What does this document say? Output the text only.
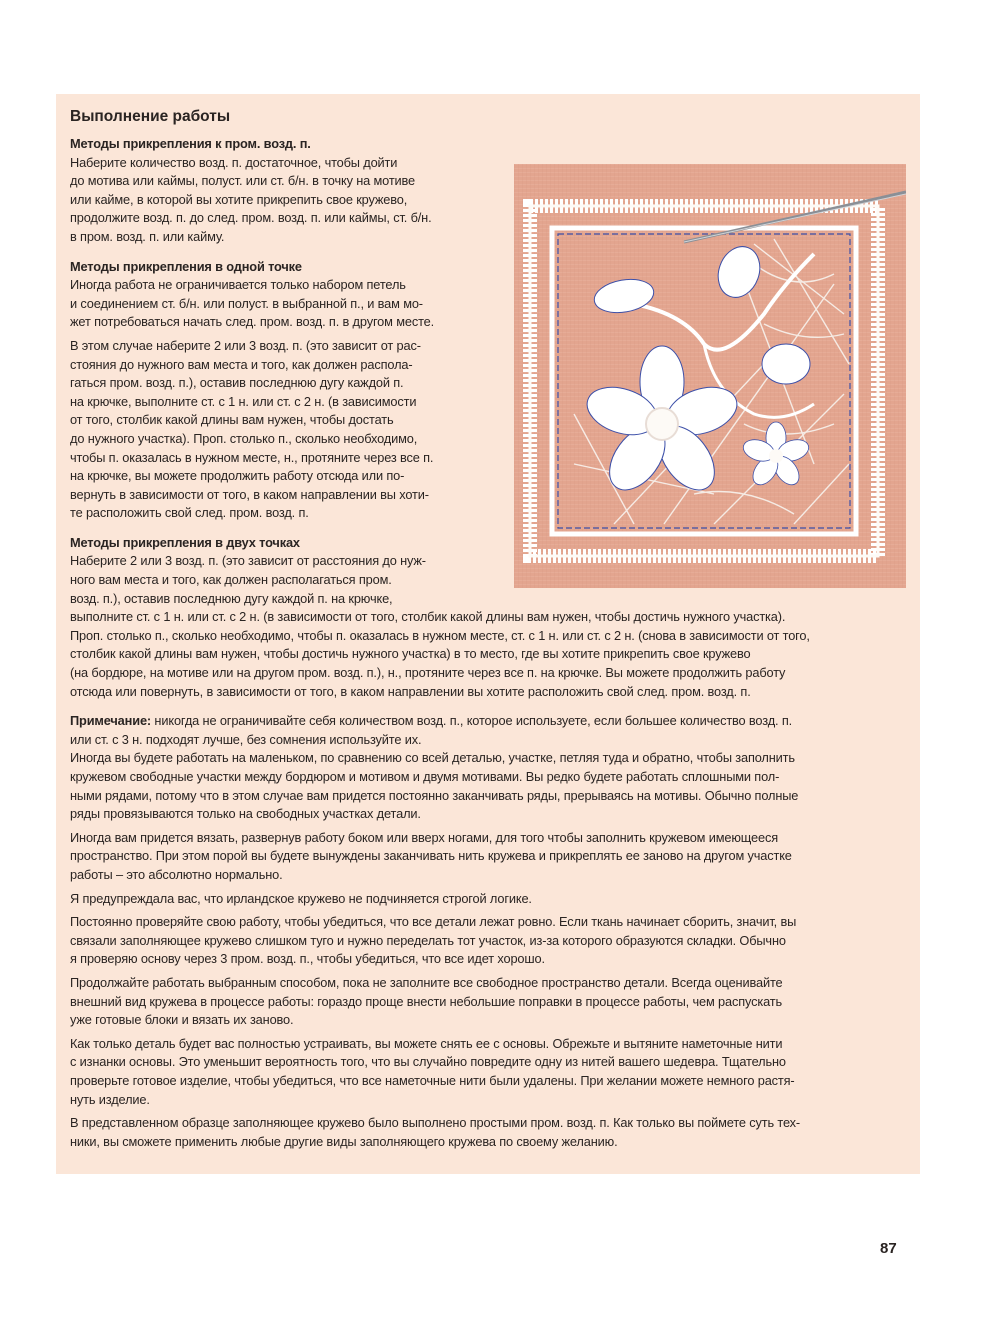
Выполнение работы
Методы прикрепления к пром. возд. п.

Наберите количество возд. п. достаточное, чтобы дойти
до мотива или каймы, полуст. или ст. б/н. в точку на мотиве
или кайме, в которой вы хотите прикрепить свое кружево,
продолжите возд. п. до след. пром. возд. п. или каймы, ст. б/н.
в пром. возд. п. или кайму.

Методы прикрепления в одной точке

Иногда работа не ограничивается только набором петель
и соединением ст. б/н. или полуст. в выбранной п., и вам мо-
жет потребоваться начать след. пром. возд. п. в другом месте.

В этом случае наберите 2 или 3 возд. п. (это зависит от рас-
стояния до нужного вам места и того, как должен распола-
гаться пром. возд. п.), оставив последнюю дугу каждой п.
на крючке, выполните ст. с 1 н. или ст. с 2 н. (в зависимости
от того, столбик какой длины вам нужен, чтобы достать
до нужного участка). Проп. столько п., сколько необходимо,
чтобы п. оказалась в нужном месте, н., протяните через все п.
на крючке, вы можете продолжить работу отсюда или по-
вернуть в зависимости от того, в каком направлении вы хоти-
те расположить свой след. пром. возд. п.

Методы прикрепления в двух точках

Наберите 2 или 3 возд. п. (это зависит от расстояния до нуж-
ного вам места и того, как должен располагаться пром.
возд. п.), оставив последнюю дугу каждой п. на крючке,
выполните ст. с 1 н. или ст. с 2 н. (в зависимости от того, столбик какой длины вам нужен, чтобы достичь нужного участка).
Проп. столько п., сколько необходимо, чтобы п. оказалась в нужном месте, ст. с 1 н. или ст. с 2 н. (снова в зависимости от того,
столбик какой длины вам нужен, чтобы достичь нужного участка) в то место, где вы хотите прикрепить свое кружево
(на бордюре, на мотиве или на другом пром. возд. п.), н., протяните через все п. на крючке. Вы можете продолжить работу
отсюда или повернуть, в зависимости от того, в каком направлении вы хотите расположить свой след. пром. возд. п.

Примечание: никогда не ограничивайте себя количеством возд. п., которое используете, если большее количество возд. п.
или ст. с 3 н. подходят лучше, без сомнения используйте их.
Иногда вы будете работать на маленьком, по сравнению со всей деталью, участке, петляя туда и обратно, чтобы заполнить
кружевом свободные участки между бордюром и мотивом и двумя мотивами. Вы редко будете работать сплошными пол-
ными рядами, потому что в этом случае вам придется постоянно заканчивать ряды, прерываясь на мотивы. Обычно полные
ряды провязываются только на свободных участках детали.

Иногда вам придется вязать, развернув работу боком или вверх ногами, для того чтобы заполнить кружевом имеющееся
пространство. При этом порой вы будете вынуждены заканчивать нить кружева и прикреплять ее заново на другом участке
работы – это абсолютно нормально.

Я предупреждала вас, что ирландское кружево не подчиняется строгой логике.

Постоянно проверяйте свою работу, чтобы убедиться, что все детали лежат ровно. Если ткань начинает сборить, значит, вы
связали заполняющее кружево слишком туго и нужно переделать тот участок, из-за которого образуются складки. Обычно
я проверяю основу через 3 пром. возд. п., чтобы убедиться, что все идет хорошо.

Продолжайте работать выбранным способом, пока не заполните все свободное пространство детали. Всегда оценивайте
внешний вид кружева в процессе работы: гораздо проще внести небольшие поправки в процессе работы, чем распускать
уже готовые блоки и вязать их заново.

Как только деталь будет вас полностью устраивать, вы можете снять ее с основы. Обрежьте и вытяните наметочные нити
с изнанки основы. Это уменьшит вероятность того, что вы случайно повредите одну из нитей вашего шедевра. Тщательно
проверьте готовое изделие, чтобы убедиться, что все наметочные нити были удалены. При желании можете немного растя-
нуть изделие.

В представленном образце заполняющее кружево было выполнено простыми пром. возд. п. Как только вы поймете суть тех-
ники, вы сможете применить любые другие виды заполняющего кружева по своему желанию.

87
